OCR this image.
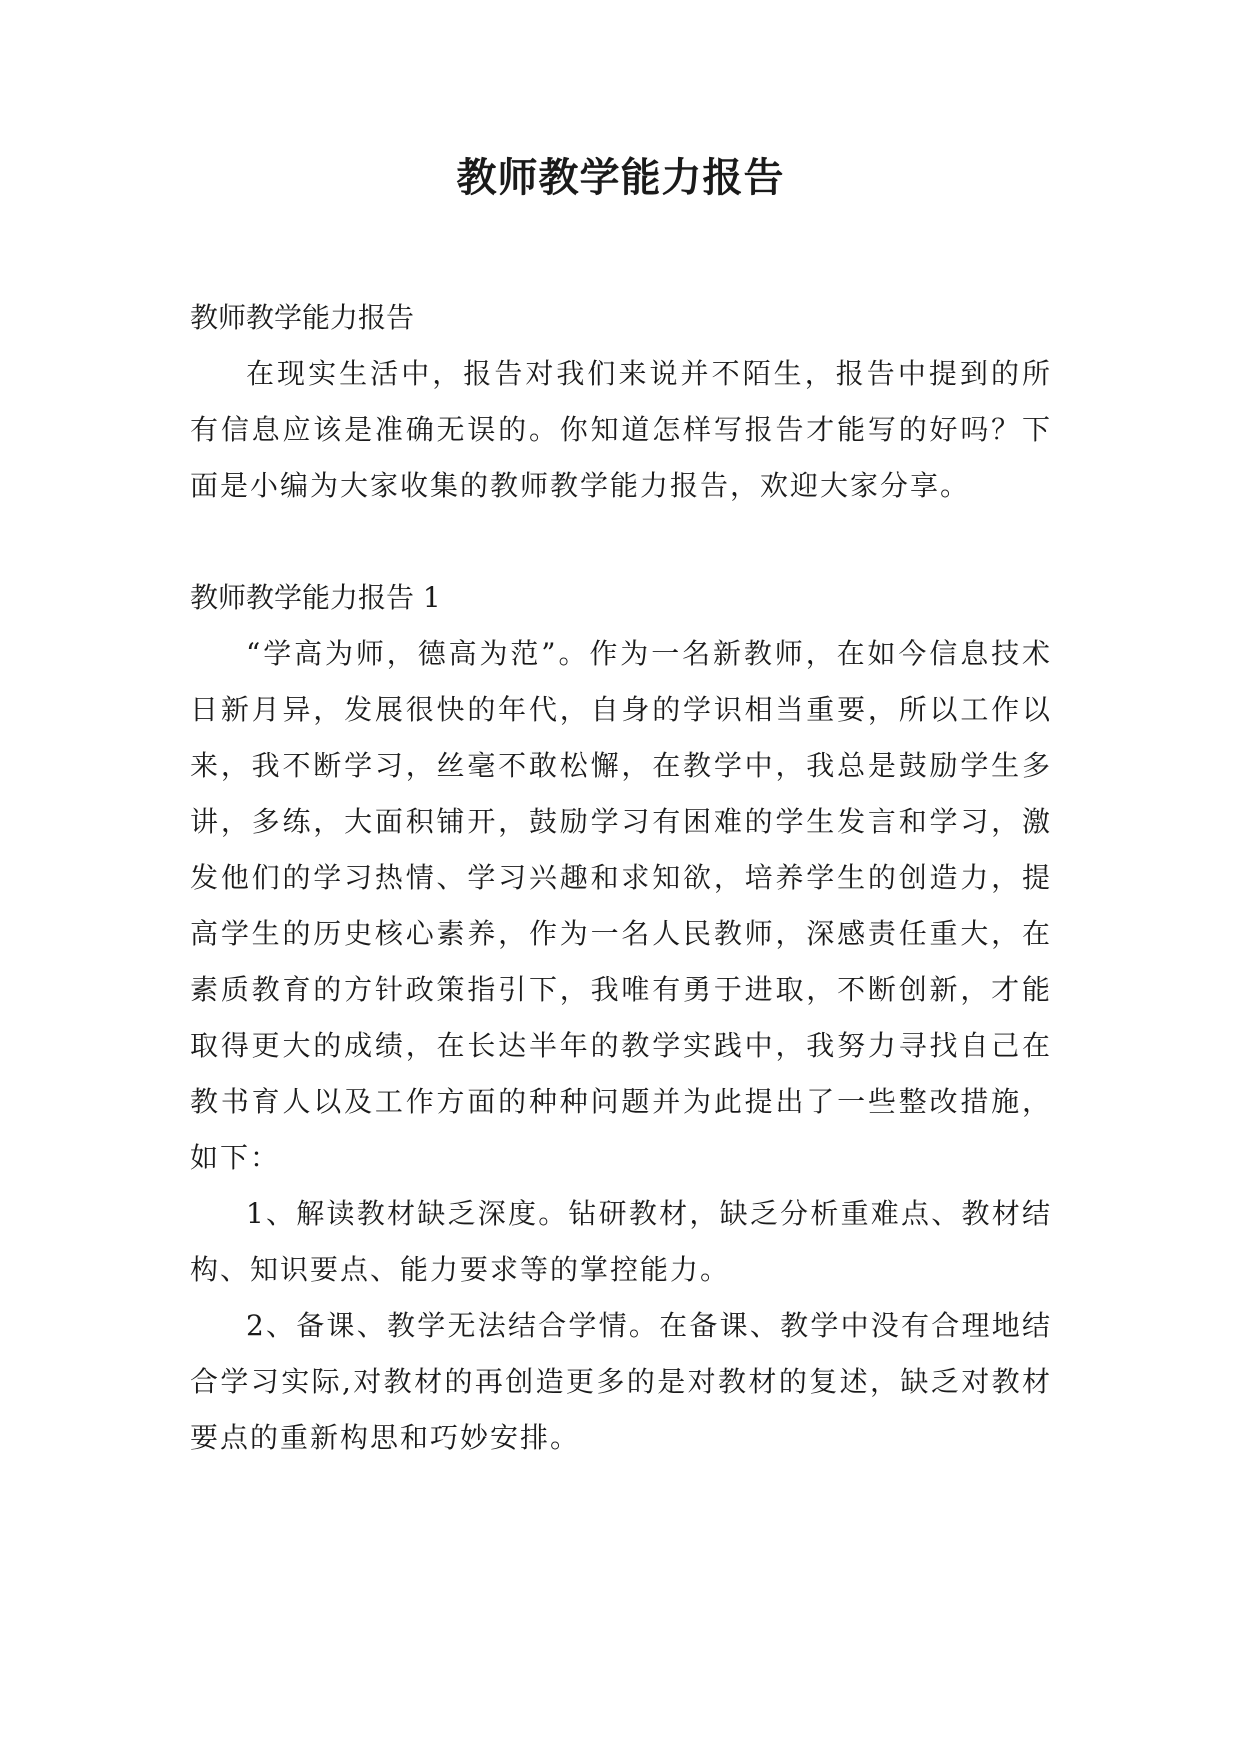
教师教学能力报告

教师教学能力报告

在现实生活中，报告对我们来说并不陌生，报告中提到的所有信息应该是准确无误的。你知道怎样写报告才能写的好吗？下面是小编为大家收集的教师教学能力报告，欢迎大家分享。

教师教学能力报告 1

“学高为师，德高为范”。作为一名新教师，在如今信息技术日新月异，发展很快的年代，自身的学识相当重要，所以工作以来，我不断学习，丝毫不敢松懈，在教学中，我总是鼓励学生多讲，多练，大面积铺开，鼓励学习有困难的学生发言和学习，激发他们的学习热情、学习兴趣和求知欲，培养学生的创造力，提高学生的历史核心素养，作为一名人民教师，深感责任重大，在素质教育的方针政策指引下，我唯有勇于进取，不断创新，才能取得更大的成绩，在长达半年的教学实践中，我努力寻找自己在教书育人以及工作方面的种种问题并为此提出了一些整改措施，如下：

1、解读教材缺乏深度。钻研教材，缺乏分析重难点、教材结构、知识要点、能力要求等的掌控能力。

2、备课、教学无法结合学情。在备课、教学中没有合理地结合学习实际,对教材的再创造更多的是对教材的复述，缺乏对教材要点的重新构思和巧妙安排。
